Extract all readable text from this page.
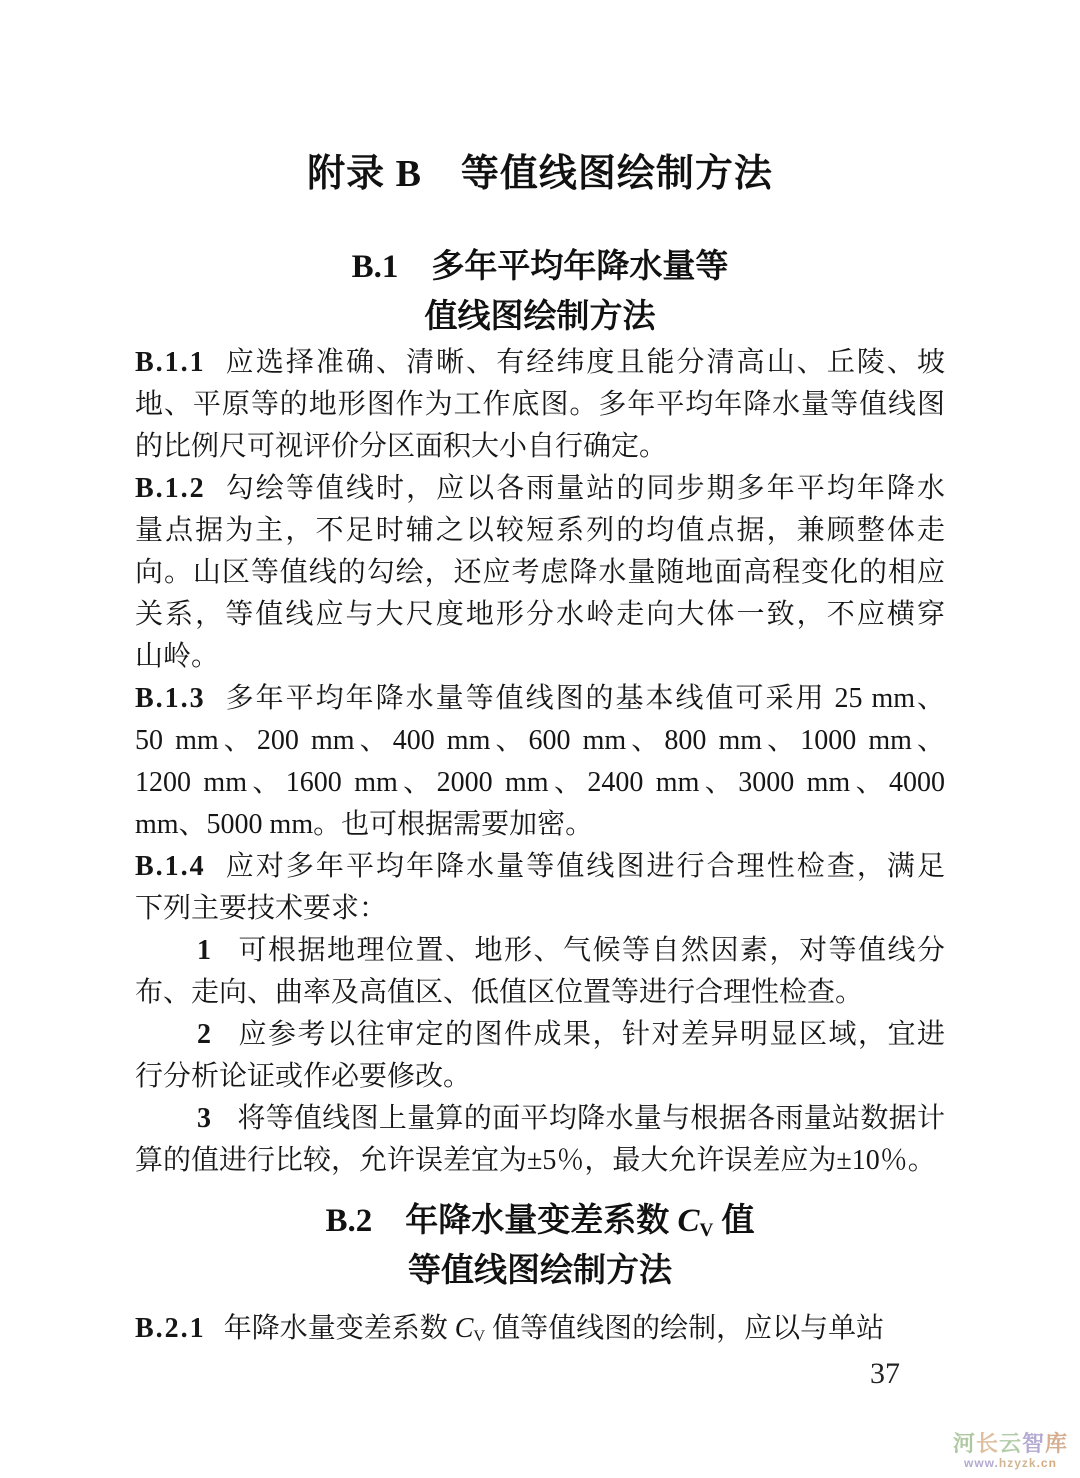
附录 B　等值线图绘制方法
B.1　多年平均年降水量等
值线图绘制方法
B.1.1 应选择准确、清晰、有经纬度且能分清高山、丘陵、坡
地、平原等的地形图作为工作底图。多年平均年降水量等值线图
的比例尺可视评价分区面积大小自行确定。
B.1.2 勾绘等值线时，应以各雨量站的同步期多年平均年降水
量点据为主，不足时辅之以较短系列的均值点据，兼顾整体走
向。山区等值线的勾绘，还应考虑降水量随地面高程变化的相应
关系，等值线应与大尺度地形分水岭走向大体一致，不应横穿
山岭。
B.1.3 多年平均年降水量等值线图的基本线值可采用 25 mm、
50 mm、200 mm、400 mm、600 mm、800 mm、1000 mm、
1200 mm、1600 mm、2000 mm、2400 mm、3000 mm、4000
mm、5000 mm。也可根据需要加密。
B.1.4 应对多年平均年降水量等值线图进行合理性检查，满足
下列主要技术要求：
1 可根据地理位置、地形、气候等自然因素，对等值线分
布、走向、曲率及高值区、低值区位置等进行合理性检查。
2 应参考以往审定的图件成果，针对差异明显区域，宜进
行分析论证或作必要修改。
3 将等值线图上量算的面平均降水量与根据各雨量站数据计
算的值进行比较，允许误差宜为±5％，最大允许误差应为±10％。
B.2　年降水量变差系数 CV 值
等值线图绘制方法
B.2.1 年降水量变差系数 CV 值等值线图的绘制，应以与单站
37
河长云智库
www.hzyzk.cn
